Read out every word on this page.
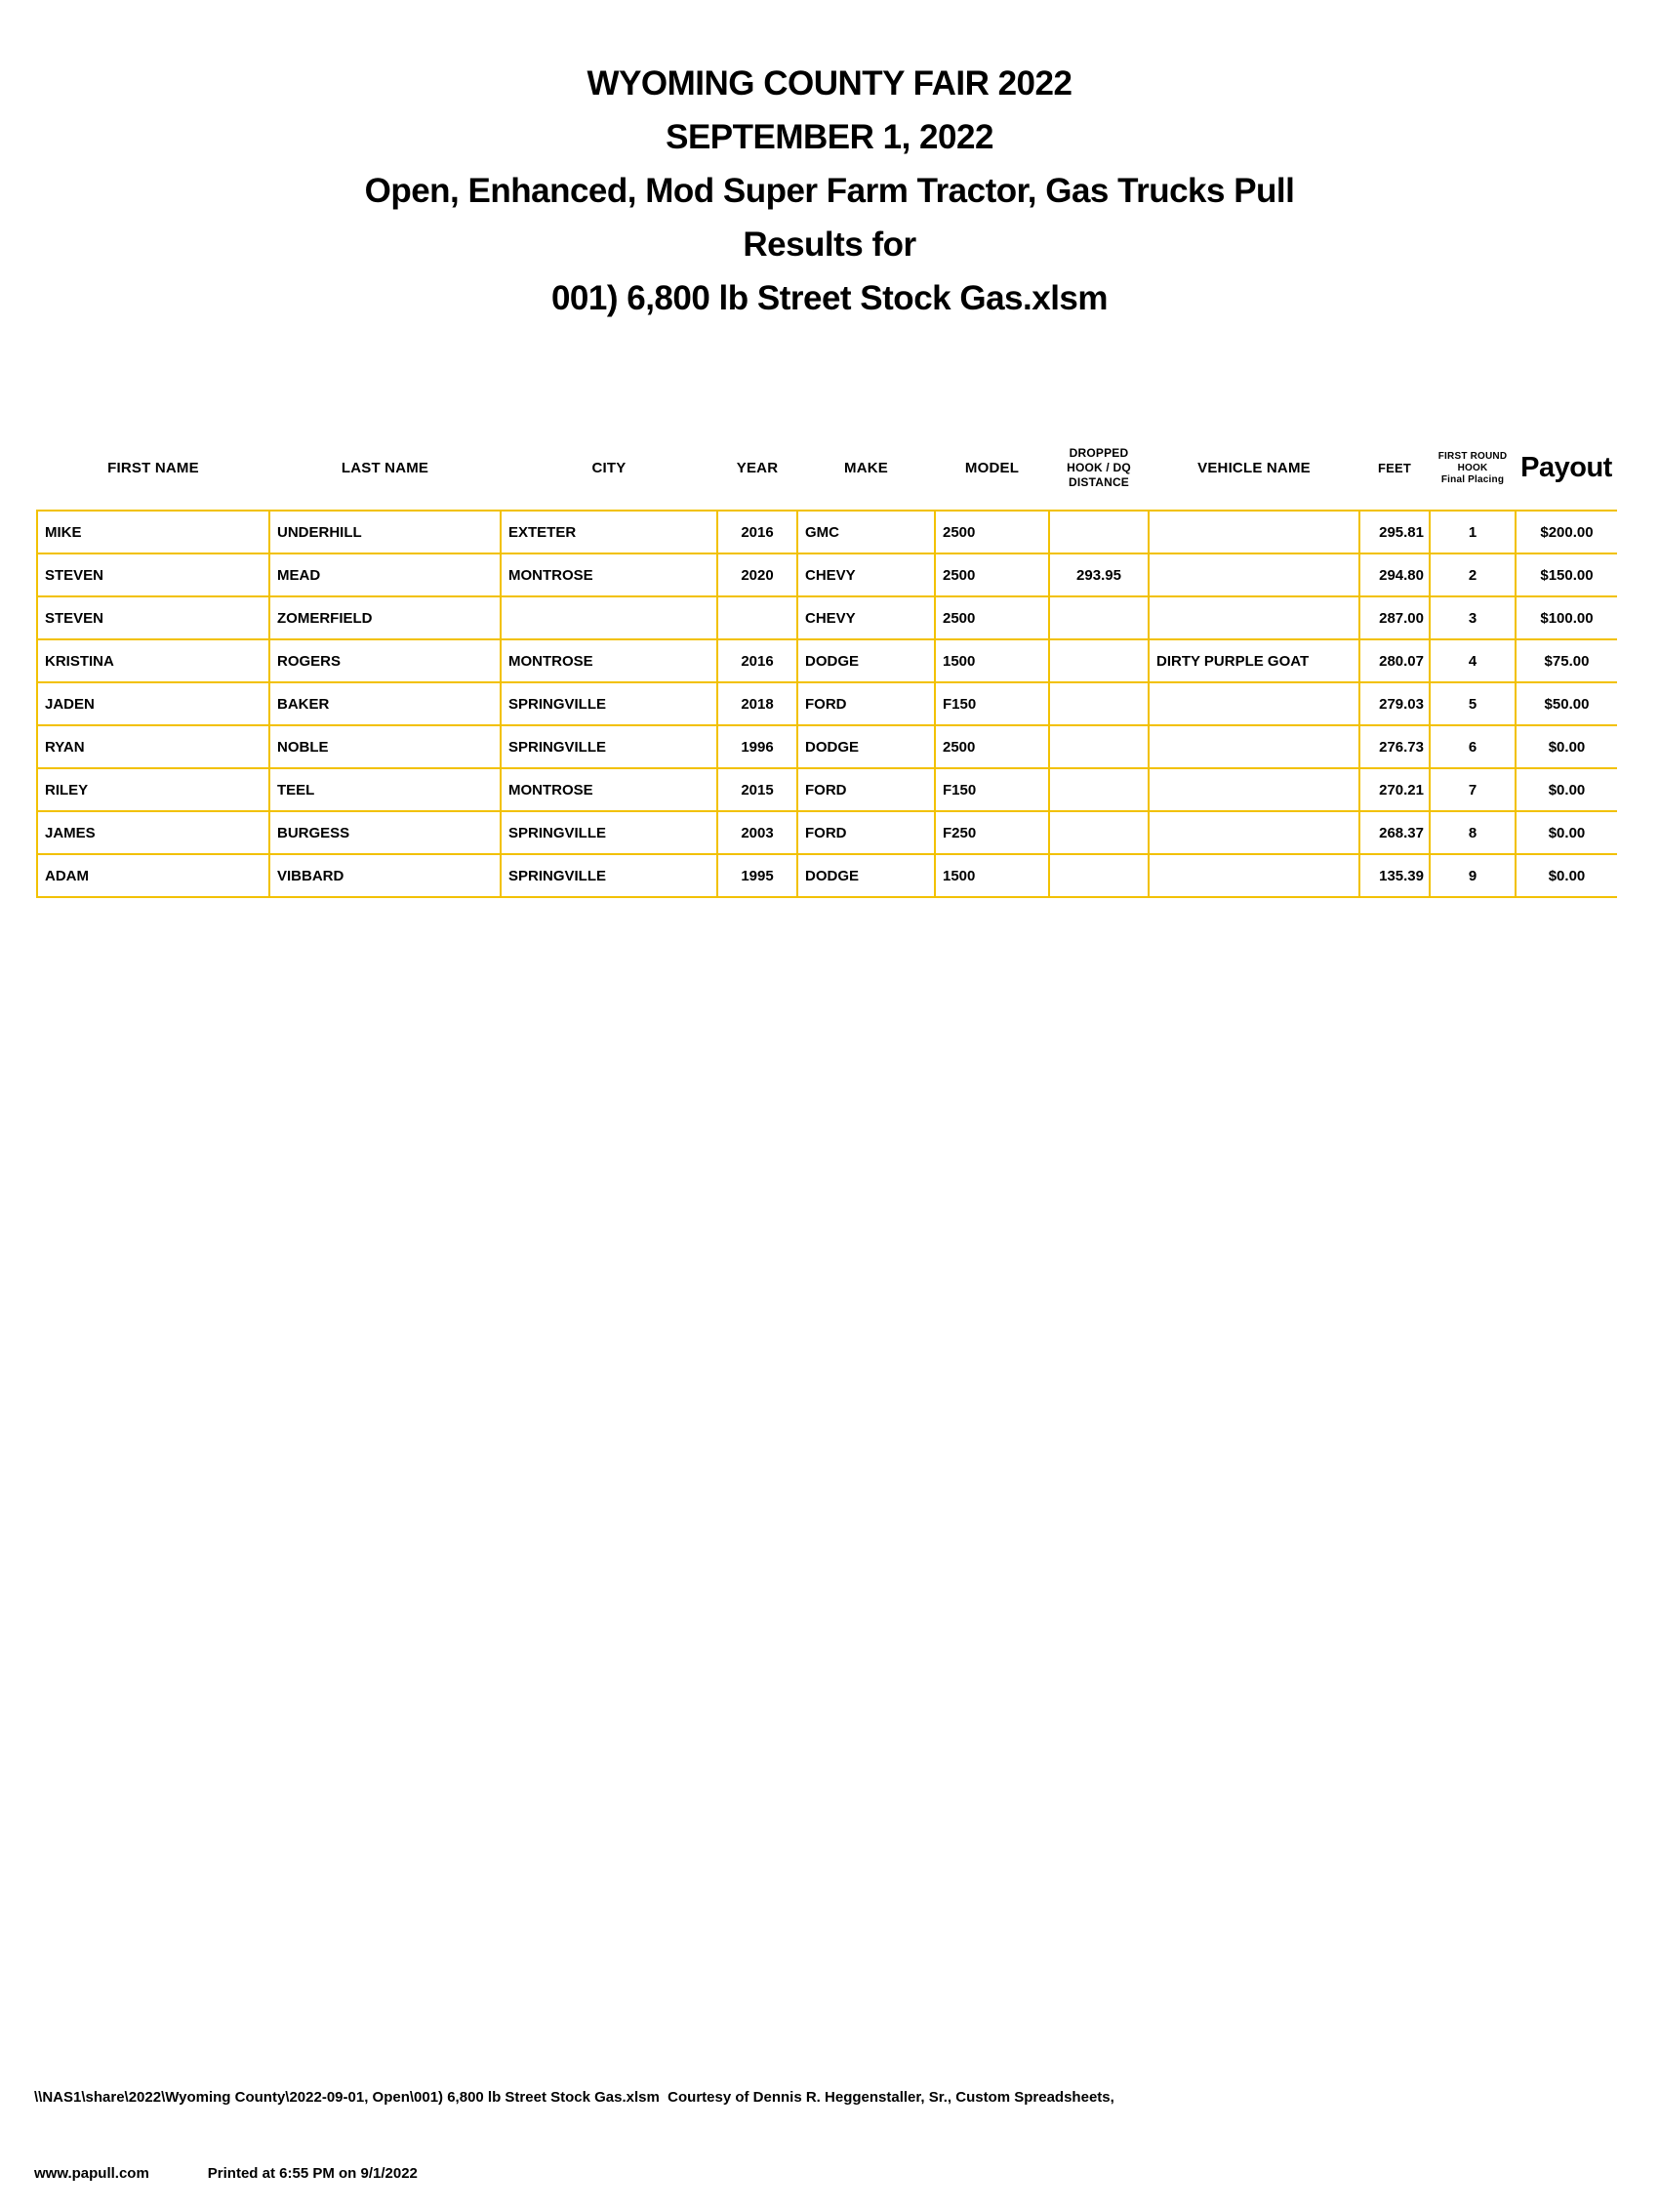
WYOMING COUNTY FAIR 2022
SEPTEMBER 1, 2022
Open, Enhanced, Mod Super Farm Tractor, Gas Trucks Pull
Results for
001) 6,800 lb Street Stock Gas.xlsm
FIRST NAME	LAST NAME	CITY	YEAR	MAKE	MODEL	DROPPED
HOOK / DQ
DISTANCE	VEHICLE NAME	FEET	FIRST ROUND
HOOK
Final Placing	Payout

MIKE	UNDERHILL	EXTETER	2016	GMC	2500			295.81	1	$200.00
STEVEN	MEAD	MONTROSE	2020	CHEVY	2500	293.95		294.80	2	$150.00
STEVEN	ZOMERFIELD			CHEVY	2500			287.00	3	$100.00
KRISTINA	ROGERS	MONTROSE	2016	DODGE	1500		DIRTY PURPLE GOAT	280.07	4	$75.00
JADEN	BAKER	SPRINGVILLE	2018	FORD	F150			279.03	5	$50.00
RYAN	NOBLE	SPRINGVILLE	1996	DODGE	2500			276.73	6	$0.00
RILEY	TEEL	MONTROSE	2015	FORD	F150			270.21	7	$0.00
JAMES	BURGESS	SPRINGVILLE	2003	FORD	F250			268.37	8	$0.00
ADAM	VIBBARD	SPRINGVILLE	1995	DODGE	1500			135.39	9	$0.00

\\NAS1\share\2022\Wyoming County\2022-09-01, Open\001) 6,800 lb Street Stock Gas.xlsm  Courtesy of Dennis R. Heggenstaller, Sr., Custom Spreadsheets,

www.papull.com	Printed at 6:55 PM on 9/1/2022
